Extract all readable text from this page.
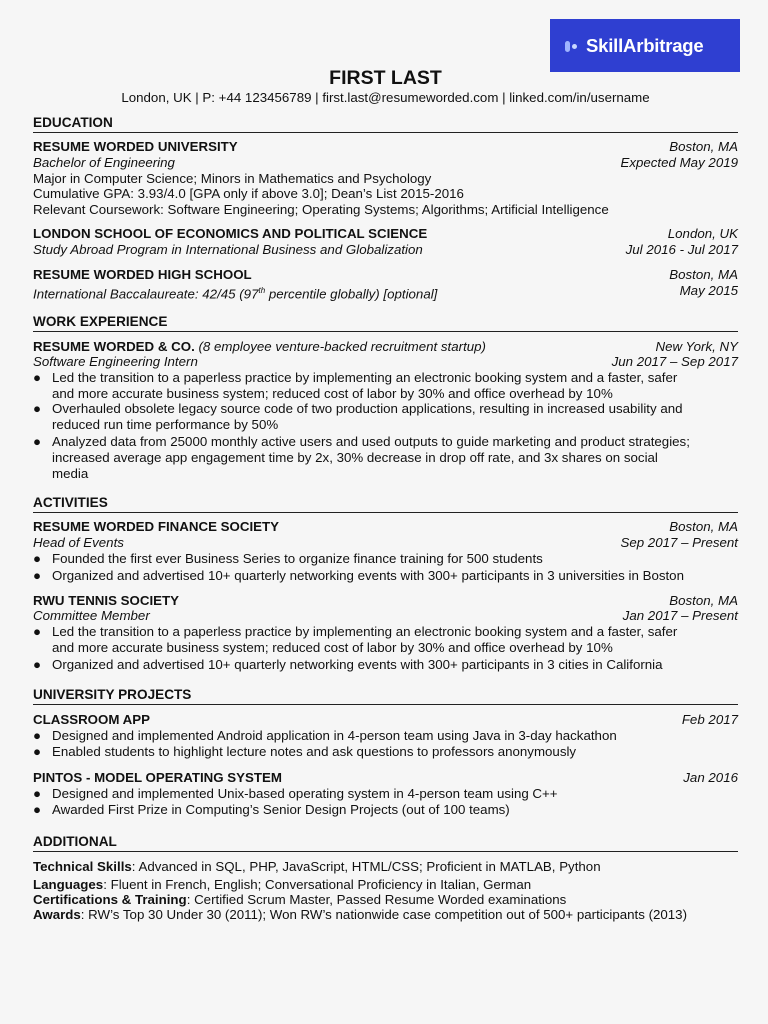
SkillArbitrage
FIRST LAST
London, UK | P: +44 123456789 | first.last@resumeworded.com | linked.com/in/username
EDUCATION
RESUME WORDED UNIVERSITY	Boston, MA
Bachelor of Engineering	Expected May 2019
Major in Computer Science; Minors in Mathematics and Psychology
Cumulative GPA: 3.93/4.0 [GPA only if above 3.0]; Dean’s List 2015-2016
Relevant Coursework: Software Engineering; Operating Systems; Algorithms; Artificial Intelligence
LONDON SCHOOL OF ECONOMICS AND POLITICAL SCIENCE	London, UK
Study Abroad Program in International Business and Globalization	Jul 2016 - Jul 2017
RESUME WORDED HIGH SCHOOL	Boston, MA
International Baccalaureate: 42/45 (97th percentile globally) [optional]	May 2015
WORK EXPERIENCE
RESUME WORDED & CO. (8 employee venture-backed recruitment startup)	New York, NY
Software Engineering Intern	Jun 2017 – Sep 2017
● Led the transition to a paperless practice by implementing an electronic booking system and a faster, safer
and more accurate business system; reduced cost of labor by 30% and office overhead by 10%
● Overhauled obsolete legacy source code of two production applications, resulting in increased usability and
reduced run time performance by 50%
● Analyzed data from 25000 monthly active users and used outputs to guide marketing and product strategies;
increased average app engagement time by 2x, 30% decrease in drop off rate, and 3x shares on social
media
ACTIVITIES
RESUME WORDED FINANCE SOCIETY	Boston, MA
Head of Events	Sep 2017 – Present
● Founded the first ever Business Series to organize finance training for 500 students
● Organized and advertised 10+ quarterly networking events with 300+ participants in 3 universities in Boston
RWU TENNIS SOCIETY	Boston, MA
Committee Member	Jan 2017 – Present
● Led the transition to a paperless practice by implementing an electronic booking system and a faster, safer
and more accurate business system; reduced cost of labor by 30% and office overhead by 10%
● Organized and advertised 10+ quarterly networking events with 300+ participants in 3 cities in California
UNIVERSITY PROJECTS
CLASSROOM APP	Feb 2017
● Designed and implemented Android application in 4-person team using Java in 3-day hackathon
● Enabled students to highlight lecture notes and ask questions to professors anonymously
PINTOS - MODEL OPERATING SYSTEM	Jan 2016
● Designed and implemented Unix-based operating system in 4-person team using C++
● Awarded First Prize in Computing’s Senior Design Projects (out of 100 teams)
ADDITIONAL
Technical Skills: Advanced in SQL, PHP, JavaScript, HTML/CSS; Proficient in MATLAB, Python
Languages: Fluent in French, English; Conversational Proficiency in Italian, German
Certifications & Training: Certified Scrum Master, Passed Resume Worded examinations
Awards: RW’s Top 30 Under 30 (2011); Won RW’s nationwide case competition out of 500+ participants (2013)
